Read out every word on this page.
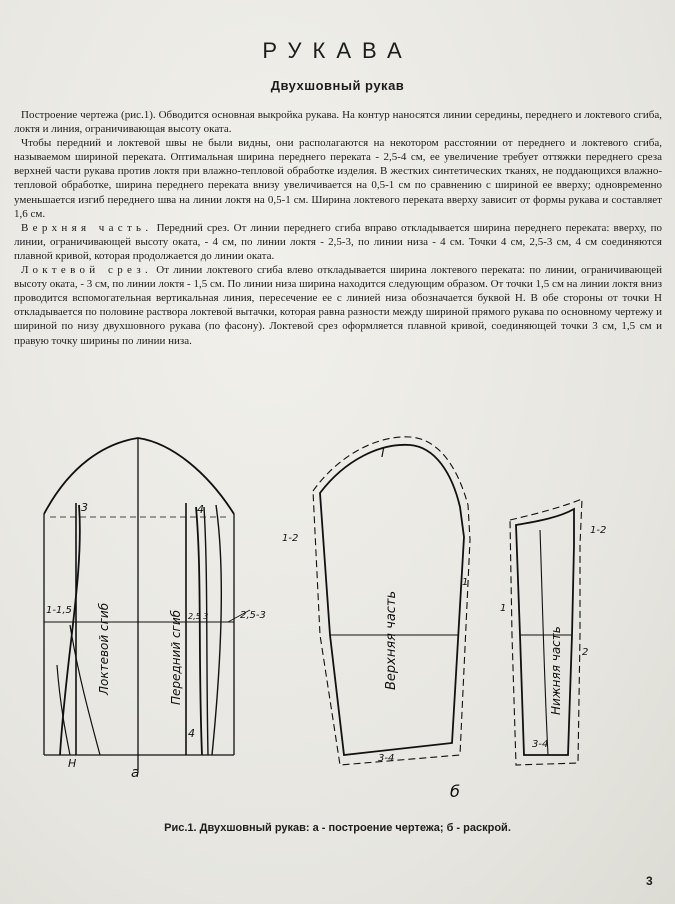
РУКАВА
Двухшовный рукав

Построение чертежа (рис.1). Обводится основная выкройка рукава. На контур наносятся линии середины, переднего и локтевого сгиба, локтя и линия, ограничивающая высоту оката.

Чтобы передний и локтевой швы не были видны, они располагаются на некотором расстоянии от переднего и локтевого сгиба, называемом шириной переката. Оптимальная ширина переднего переката - 2,5-4 см, ее увеличение требует оттяжки переднего среза верхней части рукава против локтя при влажно-тепловой обработке изделия. В жестких синтетических тканях, не поддающихся влажно-тепловой обработке, ширина переднего переката внизу увеличивается на 0,5-1 см по сравнению с шириной ее вверху; одновременно уменьшается изгиб переднего шва на линии локтя на 0,5-1 см. Ширина локтевого переката вверху зависит от формы рукава и составляет 1,6 см.

Верхняя часть. Передний срез. От линии переднего сгиба вправо откладывается ширина переднего переката: вверху, по линии, ограничивающей высоту оката, - 4 см, по линии локтя - 2,5-3, по линии низа - 4 см. Точки 4 см, 2,5-3 см, 4 см соединяются плавной кривой, которая продолжается до линии оката.

Локтевой срез. От линии локтевого сгиба влево откладывается ширина локтевого переката: по линии, ограничивающей высоту оката, - 3 см, по линии локтя - 1,5 см. По линии низа ширина находится следующим образом. От точки 1,5 см на линии локтя вниз проводится вспомогательная вертикальная линия, пересечение ее с линией низа обозначается буквой Н. В обе стороны от точки Н откладывается по половине раствора локтевой вытачки, которая равна разности между шириной прямого рукава по основному чертежу и шириной по низу двухшовного рукава (по фасону). Локтевой срез оформляется плавной кривой, соединяющей точки 3 см, 1,5 см и правую точку ширины по линии низа.

3	4
4
1-1,5	2,5-3
2,5 3
Н
а
Локтевой сгиб	Передний сгиб
I
1-2
1
3-4
Верхняя часть
1-2
1
2
3-4
Нижняя часть
б
Рис.1. Двухшовный рукав: а - построение чертежа; б - раскрой.
3
